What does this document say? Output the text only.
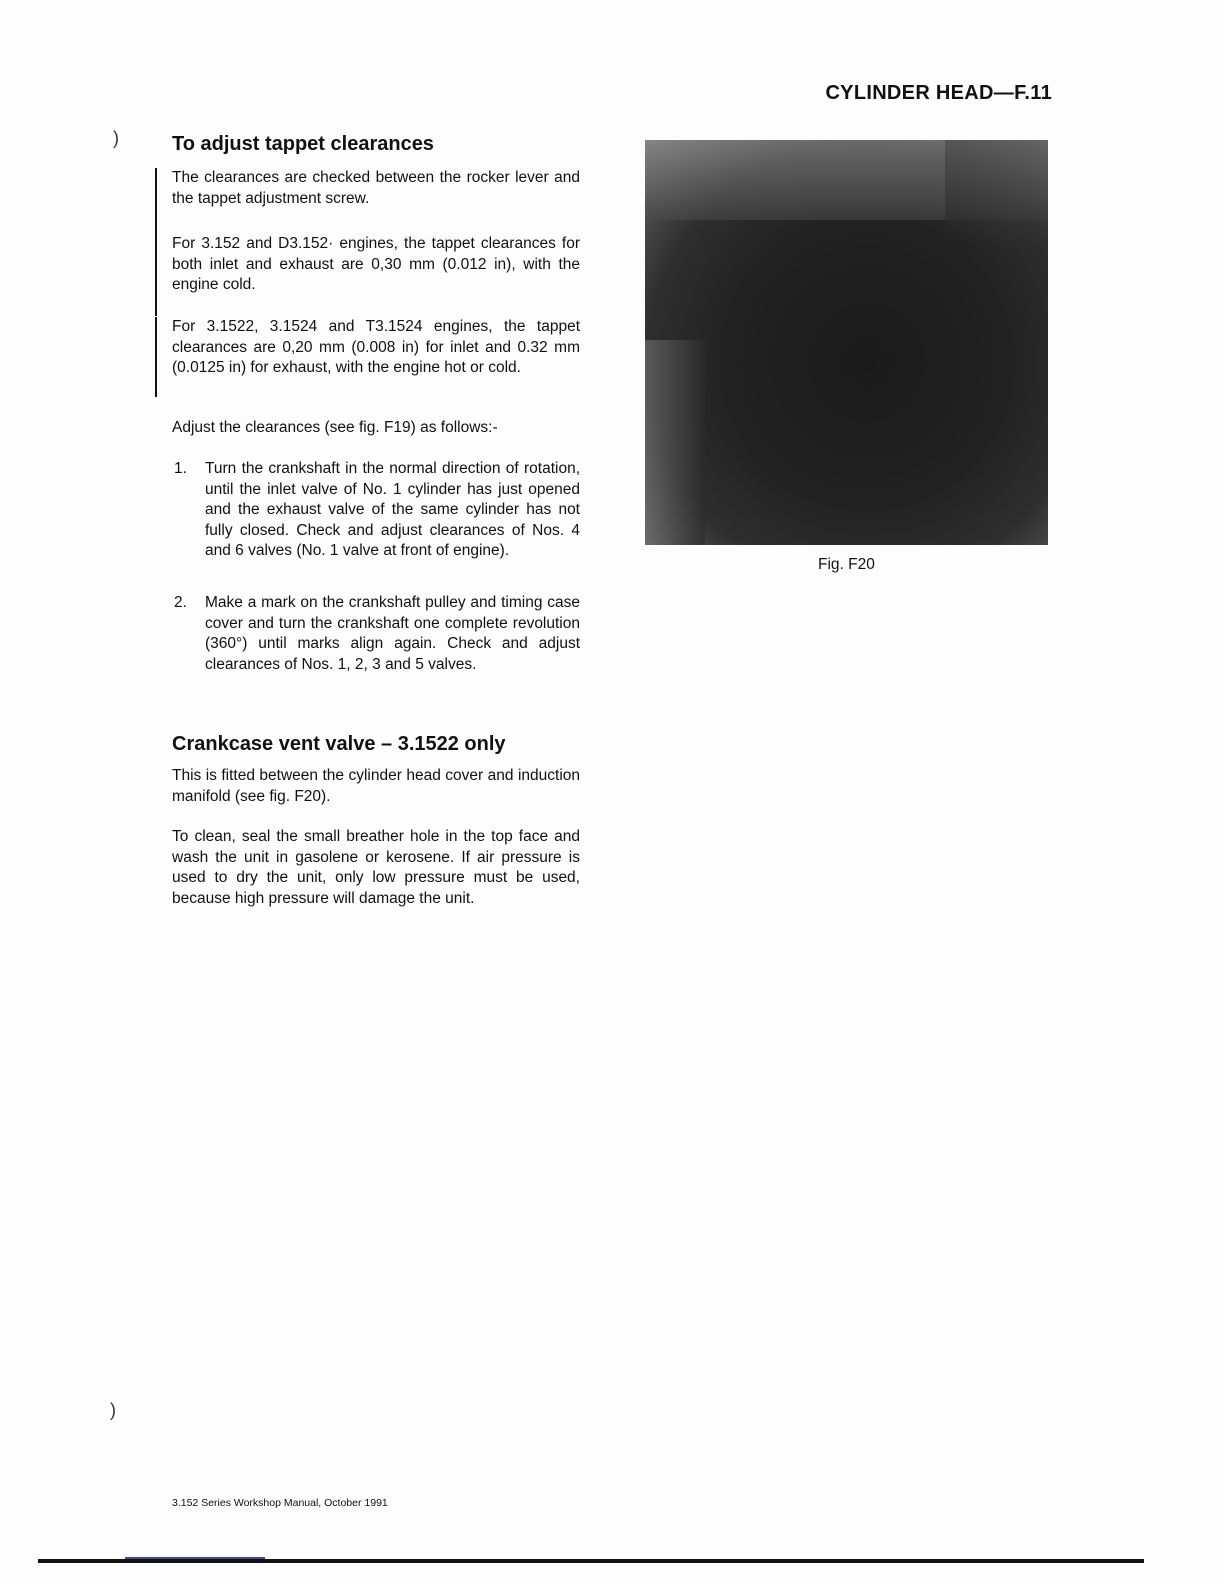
CYLINDER HEAD—F.11
)
)
To adjust tappet clearances

The clearances are checked between the rocker lever and the tappet adjustment screw.

For 3.152 and D3.152· engines, the tappet clearances for both inlet and exhaust are 0,30 mm (0.012 in), with the engine cold.

For 3.1522, 3.1524 and T3.1524 engines, the tappet clearances are 0,20 mm (0.008 in) for inlet and 0.32 mm (0.0125 in) for exhaust, with the engine hot or cold.

Adjust the clearances (see fig. F19) as follows:-

1. Turn the crankshaft in the normal direction of rotation, until the inlet valve of No. 1 cylinder has just opened and the exhaust valve of the same cylinder has not fully closed. Check and adjust clearances of Nos. 4 and 6 valves (No. 1 valve at front of engine).

2. Make a mark on the crankshaft pulley and timing case cover and turn the crankshaft one complete revolution (360°) until marks align again. Check and adjust clearances of Nos. 1, 2, 3 and 5 valves.

Crankcase vent valve – 3.1522 only

This is fitted between the cylinder head cover and induction manifold (see fig. F20).

To clean, seal the small breather hole in the top face and wash the unit in gasolene or kerosene. If air pressure is used to dry the unit, only low pressure must be used, because high pressure will damage the unit.

Fig. F20
3.152 Series Workshop Manual, October 1991
